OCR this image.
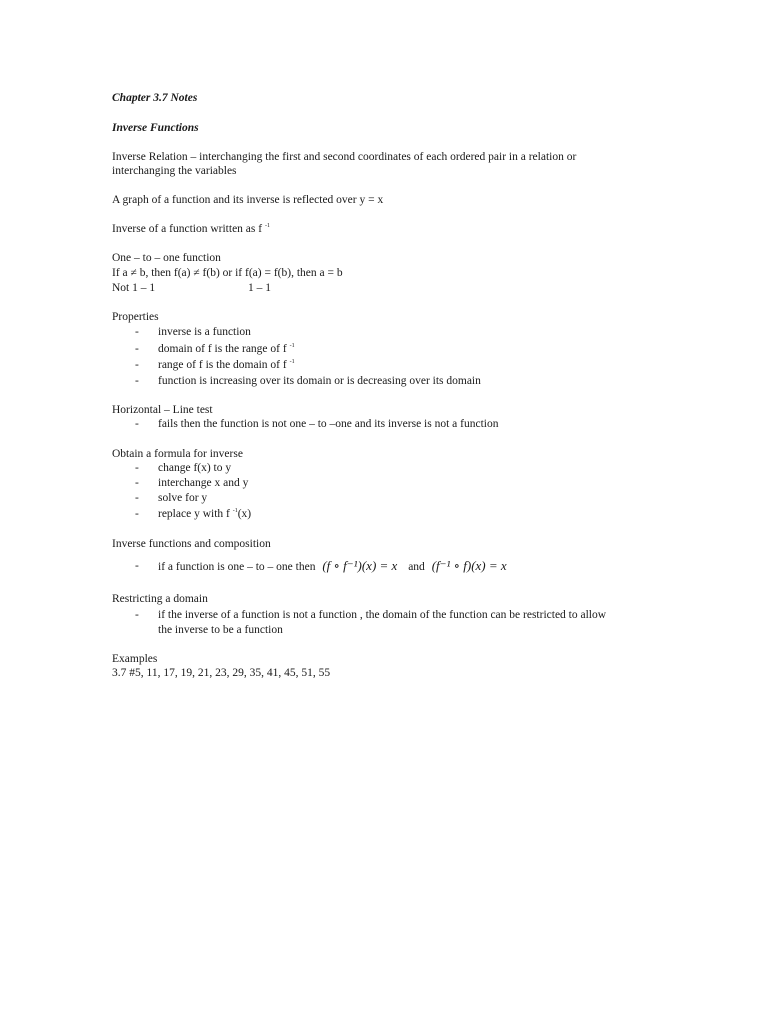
Chapter 3.7 Notes
Inverse Functions
Inverse Relation – interchanging the first and second coordinates of each ordered pair in a relation or
interchanging the variables
A graph of a function and its inverse is reflected over y = x
Inverse of a function written as f $^{-1}$
One – to – one function
If a ≠ b, then f(a) ≠ f(b) or if f(a) = f(b), then a = b
Not 1 – 1	1 – 1
Properties
- inverse is a function
- domain of f is the range of f $^{-1}$
- range of f is the domain of f $^{-1}$
- function is increasing over its domain or is decreasing over its domain
Horizontal – Line test
- fails then the function is not one – to –one and its inverse is not a function
Obtain a formula for inverse
- change f(x) to y
- interchange x and y
- solve for y
- replace y with f $^{-1}$(x)
Inverse functions and composition
- if a function is one – to – one then (f ∘ f⁻¹)(x) = x and (f⁻¹ ∘ f)(x) = x
Restricting a domain
- if the inverse of a function is not a function , the domain of the function can be restricted to allow
the inverse to be a function
Examples
3.7 #5, 11, 17, 19, 21, 23, 29, 35, 41, 45, 51, 55
